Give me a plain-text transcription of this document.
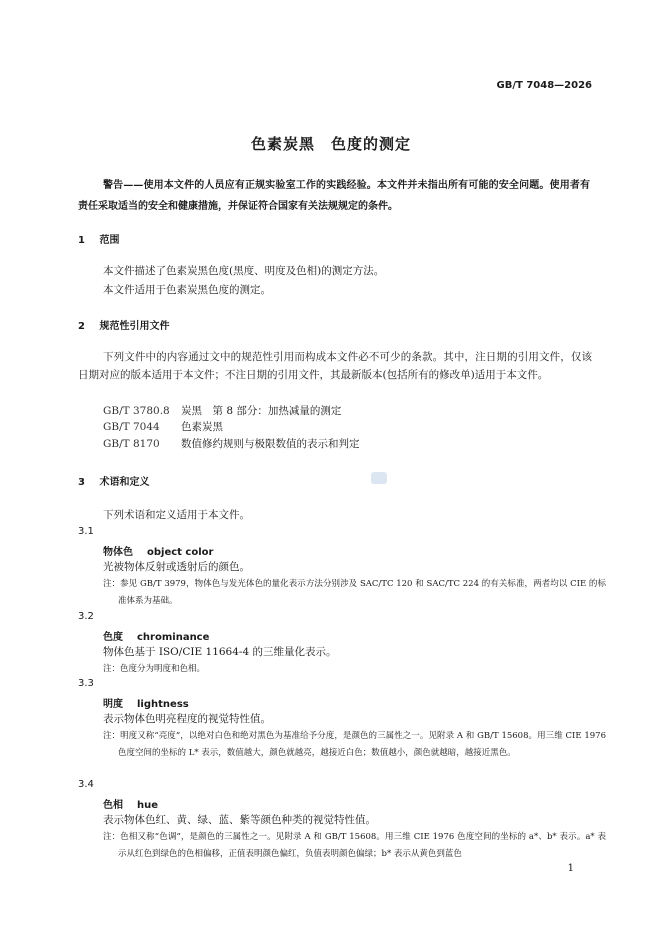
GB/T 7048—2026
色素炭黑　色度的测定
警告——使用本文件的人员应有正规实验室工作的实践经验。本文件并未指出所有可能的安全问题。使用者有责任采取适当的安全和健康措施，并保证符合国家有关法规规定的条件。
1 范围
本文件描述了色素炭黑色度(黑度、明度及色相)的测定方法。
本文件适用于色素炭黑色度的测定。
2 规范性引用文件
下列文件中的内容通过文中的规范性引用而构成本文件必不可少的条款。其中，注日期的引用文件，仅该日期对应的版本适用于本文件；不注日期的引用文件，其最新版本(包括所有的修改单)适用于本文件。
GB/T 3780.8 炭黑　第 8 部分：加热减量的测定
GB/T 7044 色素炭黑
GB/T 8170 数值修约规则与极限数值的表示和判定
3 术语和定义
下列术语和定义适用于本文件。
3.1
物体色 object color
光被物体反射或透射后的颜色。
注：参见 GB/T 3979，物体色与发光体色的量化表示方法分别涉及 SAC/TC 120 和 SAC/TC 224 的有关标准，两者均以 CIE 的标准体系为基础。
3.2
色度 chrominance
物体色基于 ISO/CIE 11664-4 的三维量化表示。
注：色度分为明度和色相。
3.3
明度 lightness
表示物体色明亮程度的视觉特性值。
注：明度又称“亮度”，以绝对白色和绝对黑色为基准给予分度，是颜色的三属性之一。见附录 A 和 GB/T 15608。用三维 CIE 1976 色度空间的坐标的 L* 表示，数值越大，颜色就越亮，越接近白色；数值越小，颜色就越暗，越接近黑色。
3.4
色相 hue
表示物体色红、黄、绿、蓝、紫等颜色种类的视觉特性值。
注：色相又称“色调”，是颜色的三属性之一。见附录 A 和 GB/T 15608。用三维 CIE 1976 色度空间的坐标的 a*、b* 表示。a* 表示从红色到绿色的色相偏移，正值表明颜色偏红，负值表明颜色偏绿；b* 表示从黄色到蓝色
1
